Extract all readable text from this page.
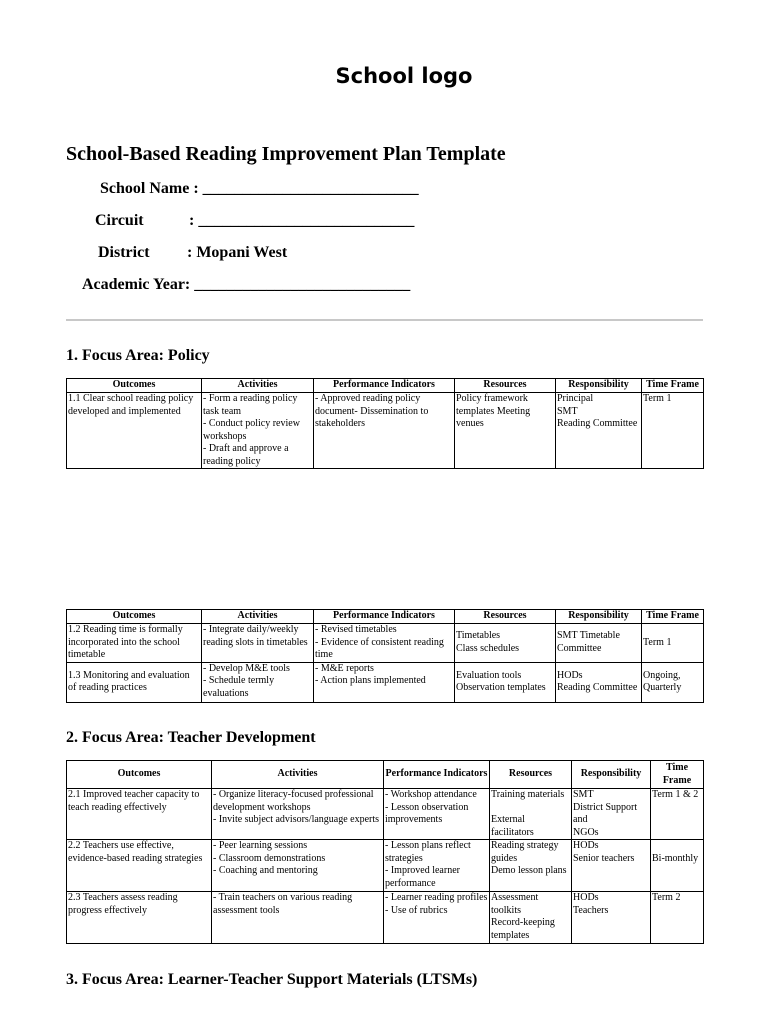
School logo
School-Based Reading Improvement Plan Template
School Name : ___________________________
Circuit	: ___________________________
District : Mopani West
Academic Year: ___________________________
1. Focus Area: Policy
Outcomes	Activities	Performance Indicators	Resources	Responsibility	Time Frame
1.1 Clear school reading policy developed and implemented	- Form a reading policy task team
- Conduct policy review workshops
- Draft and approve a reading policy	- Approved reading policy document- Dissemination to stakeholders	Policy framework templates Meeting venues	Principal
SMT
Reading Committee	Term 1
Outcomes	Activities	Performance Indicators	Resources	Responsibility	Time Frame
1.2 Reading time is formally incorporated into the school timetable	- Integrate daily/weekly reading slots in timetables	- Revised timetables
- Evidence of consistent reading time	Timetables
Class schedules	SMT Timetable Committee	Term 1
1.3 Monitoring and evaluation of reading practices	- Develop M&E tools
- Schedule termly evaluations	- M&E reports
- Action plans implemented	Evaluation tools
Observation templates	HODs
Reading Committee	Ongoing, Quarterly
2. Focus Area: Teacher Development
Outcomes	Activities	Performance Indicators	Resources	Responsibility	Time Frame
2.1 Improved teacher capacity to teach reading effectively	- Organize literacy-focused professional development workshops
- Invite subject advisors/language experts	- Workshop attendance
- Lesson observation improvements	Training materials

External facilitators	SMT
District Support and
NGOs	Term 1 & 2
2.2 Teachers use effective, evidence-based reading strategies	- Peer learning sessions
- Classroom demonstrations
- Coaching and mentoring	- Lesson plans reflect strategies
- Improved learner performance	Reading strategy guides
Demo lesson plans	HODs
Senior teachers	Bi-monthly
2.3 Teachers assess reading progress effectively	- Train teachers on various reading assessment tools	- Learner reading profiles
- Use of rubrics	Assessment toolkits
Record-keeping templates	HODs
Teachers	Term 2
3. Focus Area: Learner-Teacher Support Materials (LTSMs)
